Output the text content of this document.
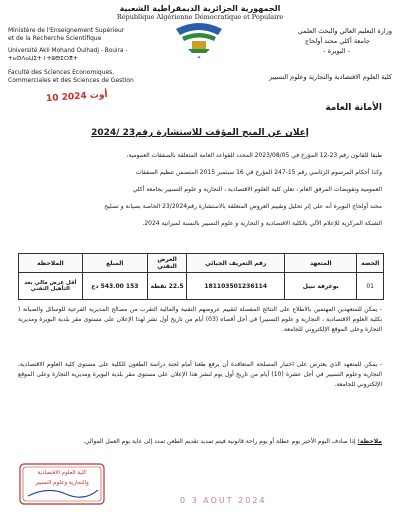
الجمهورية الجزائرية الديمقراطية الشعبية
République Algérienne Démocratique et Populaire
Ministère de l'Enseignement Supérieur
et de la Recherche Scientifique
Université Akli Mohand Oulhadj - Bouira -
ⵜⴰⵙⴷⴰⵡⵉⵜ ⵏ ⵜⵓⴱⵉⵔⴻⵜ
Faculté des Sciences Economiques,
Commerciales et des Sciences de Gestion
وزارة التعليم العالي والبحث العلمي
جامعة أكلي محند أولحاج
- البويرة -
كلية العلوم الاقتصادية والتجارية وعلوم التسيير
✦
10 أوت 2024
الأمانة العامة
إعلان عن المنح المؤقت للاستشارة رقم23 /2024
طبقا للقانون رقم 23-12 المؤرخ في 2023/08/05 المحدد للقواعد العامة المتعلقة بالصفقات العمومية،
وكذا أحكام المرسوم الرئاسي رقم 15-247 المؤرخ في 16 سبتمبر 2015 المتضمن تنظيم الصفقات
العمومية وتفويضات المرفق العام ، تعلن كلية العلوم الاقتصادية ، التجارية و علوم التسيير بجامعة أكلي
محند أولحاج البويرة أنه على إثر تحليل وتقييم العروض المتعلقة بالاستشارة رقم23/2024 الخاصة بصيانة و تصليح
الشبكة المركزية للإعلام الآلي بالكلية الاقتصادية و التجارية و علوم التسيير بالنسبة لميزانية 2024.
الحصة	المتعهد	رقم التعريف الجبائي	العرض التقني	المبلغ	الملاحظة
01	بوغرفة نبيل	181103501236114	22.5 نقطة	153 543.00 دج	أقل عرض مالي بعد التأهيل التقني
- يمكن للمتعهدين المهتمين بالاطلاع على النتائج المفصلة لتقييم عروضهم التقنية والمالية التقرب من مصالح المديرية الفرعية للوسائل والصيانة ( بكلية العلوم الاقتصادية ، التجارية و علوم التسيير) في أجل أقصاه (03) أيام من تاريخ أول نشر لهذا الإعلان على مستوى مقر بلدية البويرة ومديرية التجارة وعلى الموقع الإلكتروني للجامعة.
- يمكن للمتعهد الذي يعترض على اختيار المصلحة المتعاقدة أن يرفع طعنا أمام لجنة دراسة الطعون للكلية على مستوى كلية العلوم الاقتصادية، التجارية وعلوم التسيير في أجل عشرة (10) أيام من تاريخ أول يوم لنشر هذا الإعلان على مستوى مقر بلدية البويرة ومديرية التجارة وعلى الموقع الإلكتروني للجامعة.
ملاحظة: إذا صادف اليوم الأخير يوم عطلة أو يوم راحة قانونية فيتم تمديد تقديم الطعن تمدد إلى غاية يوم العمل الموالي.
كلية العلوم الاقتصادية
والتجارية وعلوم التسيير
0 3 AOUT 2024
